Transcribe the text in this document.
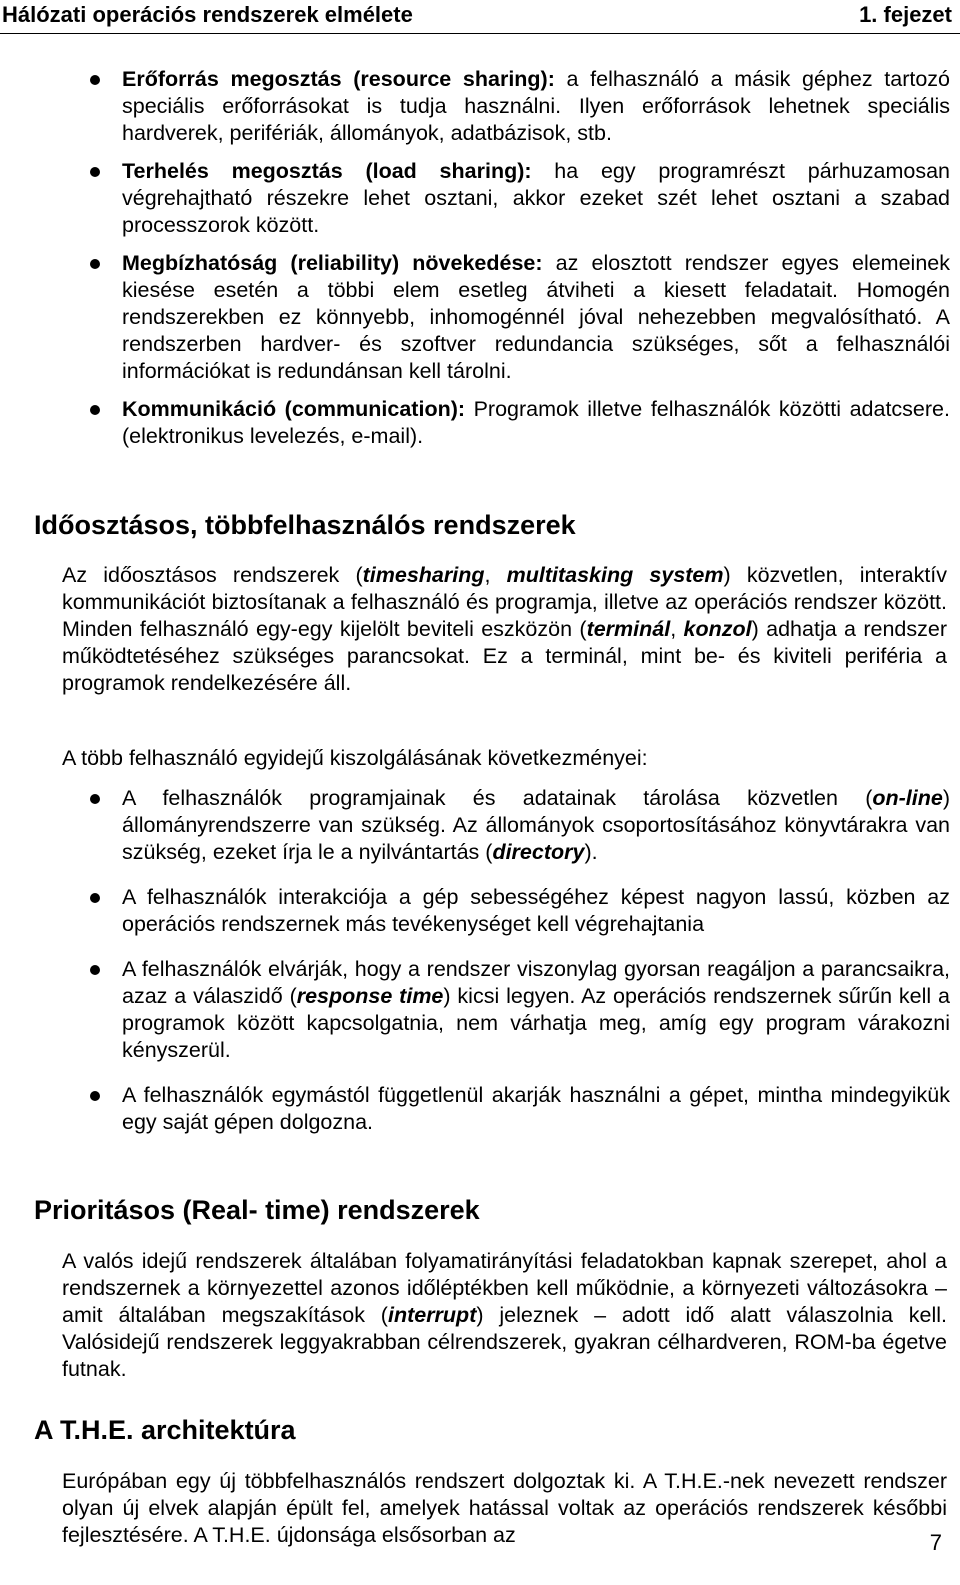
Hálózati operációs rendszerek elmélete	1. fejezet
Erőforrás megosztás (resource sharing): a felhasználó a másik géphez tartozó speciális erőforrásokat is tudja használni. Ilyen erőforrások lehetnek speciális hardverek, perifériák, állományok, adatbázisok, stb.
Terhelés megosztás (load sharing): ha egy programrészt párhuzamosan végrehajtható részekre lehet osztani, akkor ezeket szét lehet osztani a szabad processzorok között.
Megbízhatóság (reliability) növekedése: az elosztott rendszer egyes elemeinek kiesése esetén a többi elem esetleg átviheti a kiesett feladatait. Homogén rendszerekben ez könnyebb, inhomogénnél jóval nehezebben megvalósítható. A rendszerben hardver- és szoftver redundancia szükséges, sőt a felhasználói információkat is redundánsan kell tárolni.
Kommunikáció (communication): Programok illetve felhasználók közötti adatcsere. (elektronikus levelezés, e-mail).
Időosztásos, többfelhasználós rendszerek

Az időosztásos rendszerek (timesharing, multitasking system) közvetlen, interaktív kommunikációt biztosítanak a felhasználó és programja, illetve az operációs rendszer között. Minden felhasználó egy-egy kijelölt beviteli eszközön (terminál, konzol) adhatja a rendszer működtetéséhez szükséges parancsokat. Ez a terminál, mint be- és kiviteli periféria a programok rendelkezésére áll.

A több felhasználó egyidejű kiszolgálásának következményei:

A felhasználók programjainak és adatainak tárolása közvetlen (on-line) állományrendszerre van szükség. Az állományok csoportosításához könyvtárakra van szükség, ezeket írja le a nyilvántartás (directory).
A felhasználók interakciója a gép sebességéhez képest nagyon lassú, közben az operációs rendszernek más tevékenységet kell végrehajtania
A felhasználók elvárják, hogy a rendszer viszonylag gyorsan reagáljon a parancsaikra, azaz a válaszidő (response time) kicsi legyen. Az operációs rendszernek sűrűn kell a programok között kapcsolgatnia, nem várhatja meg, amíg egy program várakozni kényszerül.
A felhasználók egymástól függetlenül akarják használni a gépet, mintha mindegyikük egy saját gépen dolgozna.
Prioritásos (Real- time) rendszerek

A valós idejű rendszerek általában folyamatirányítási feladatokban kapnak szerepet, ahol a rendszernek a környezettel azonos időléptékben kell működnie, a környezeti változásokra – amit általában megszakítások (interrupt) jeleznek – adott idő alatt válaszolnia kell. Valósidejű rendszerek leggyakrabban célrendszerek, gyakran célhardveren, ROM-ba égetve futnak.

A T.H.E. architektúra

Európában egy új többfelhasználós rendszert dolgoztak ki. A T.H.E.-nek nevezett rendszer olyan új elvek alapján épült fel, amelyek hatással voltak az operációs rendszerek későbbi fejlesztésére. A T.H.E. újdonsága elsősorban az	7
